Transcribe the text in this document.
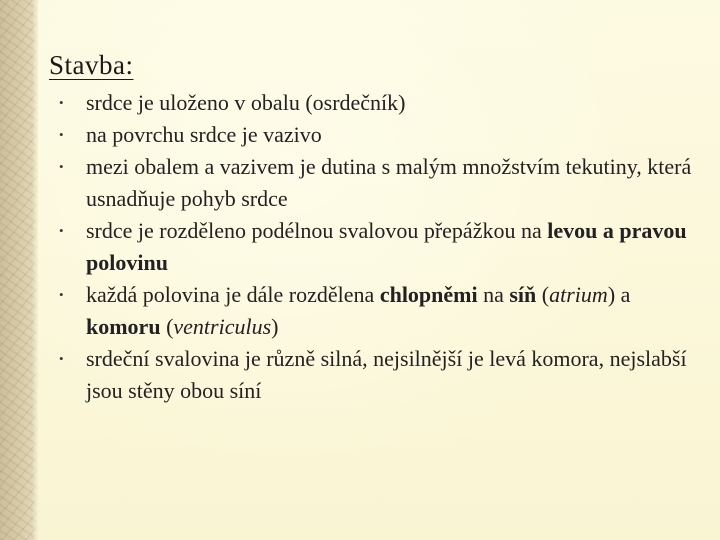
Stavba:
• srdce je uloženo v obalu (osrdečník)
• na povrchu srdce je vazivo
• mezi obalem a vazivem je dutina s malým množstvím tekutiny, která usnadňuje pohyb srdce
• srdce je rozděleno podélnou svalovou přepážkou na levou a pravou polovinu
• každá polovina je dále rozdělena chlopněmi na síň (atrium) a komoru (ventriculus)
• srdeční svalovina je různě silná, nejsilnější je levá komora, nejslabší jsou stěny obou síní
